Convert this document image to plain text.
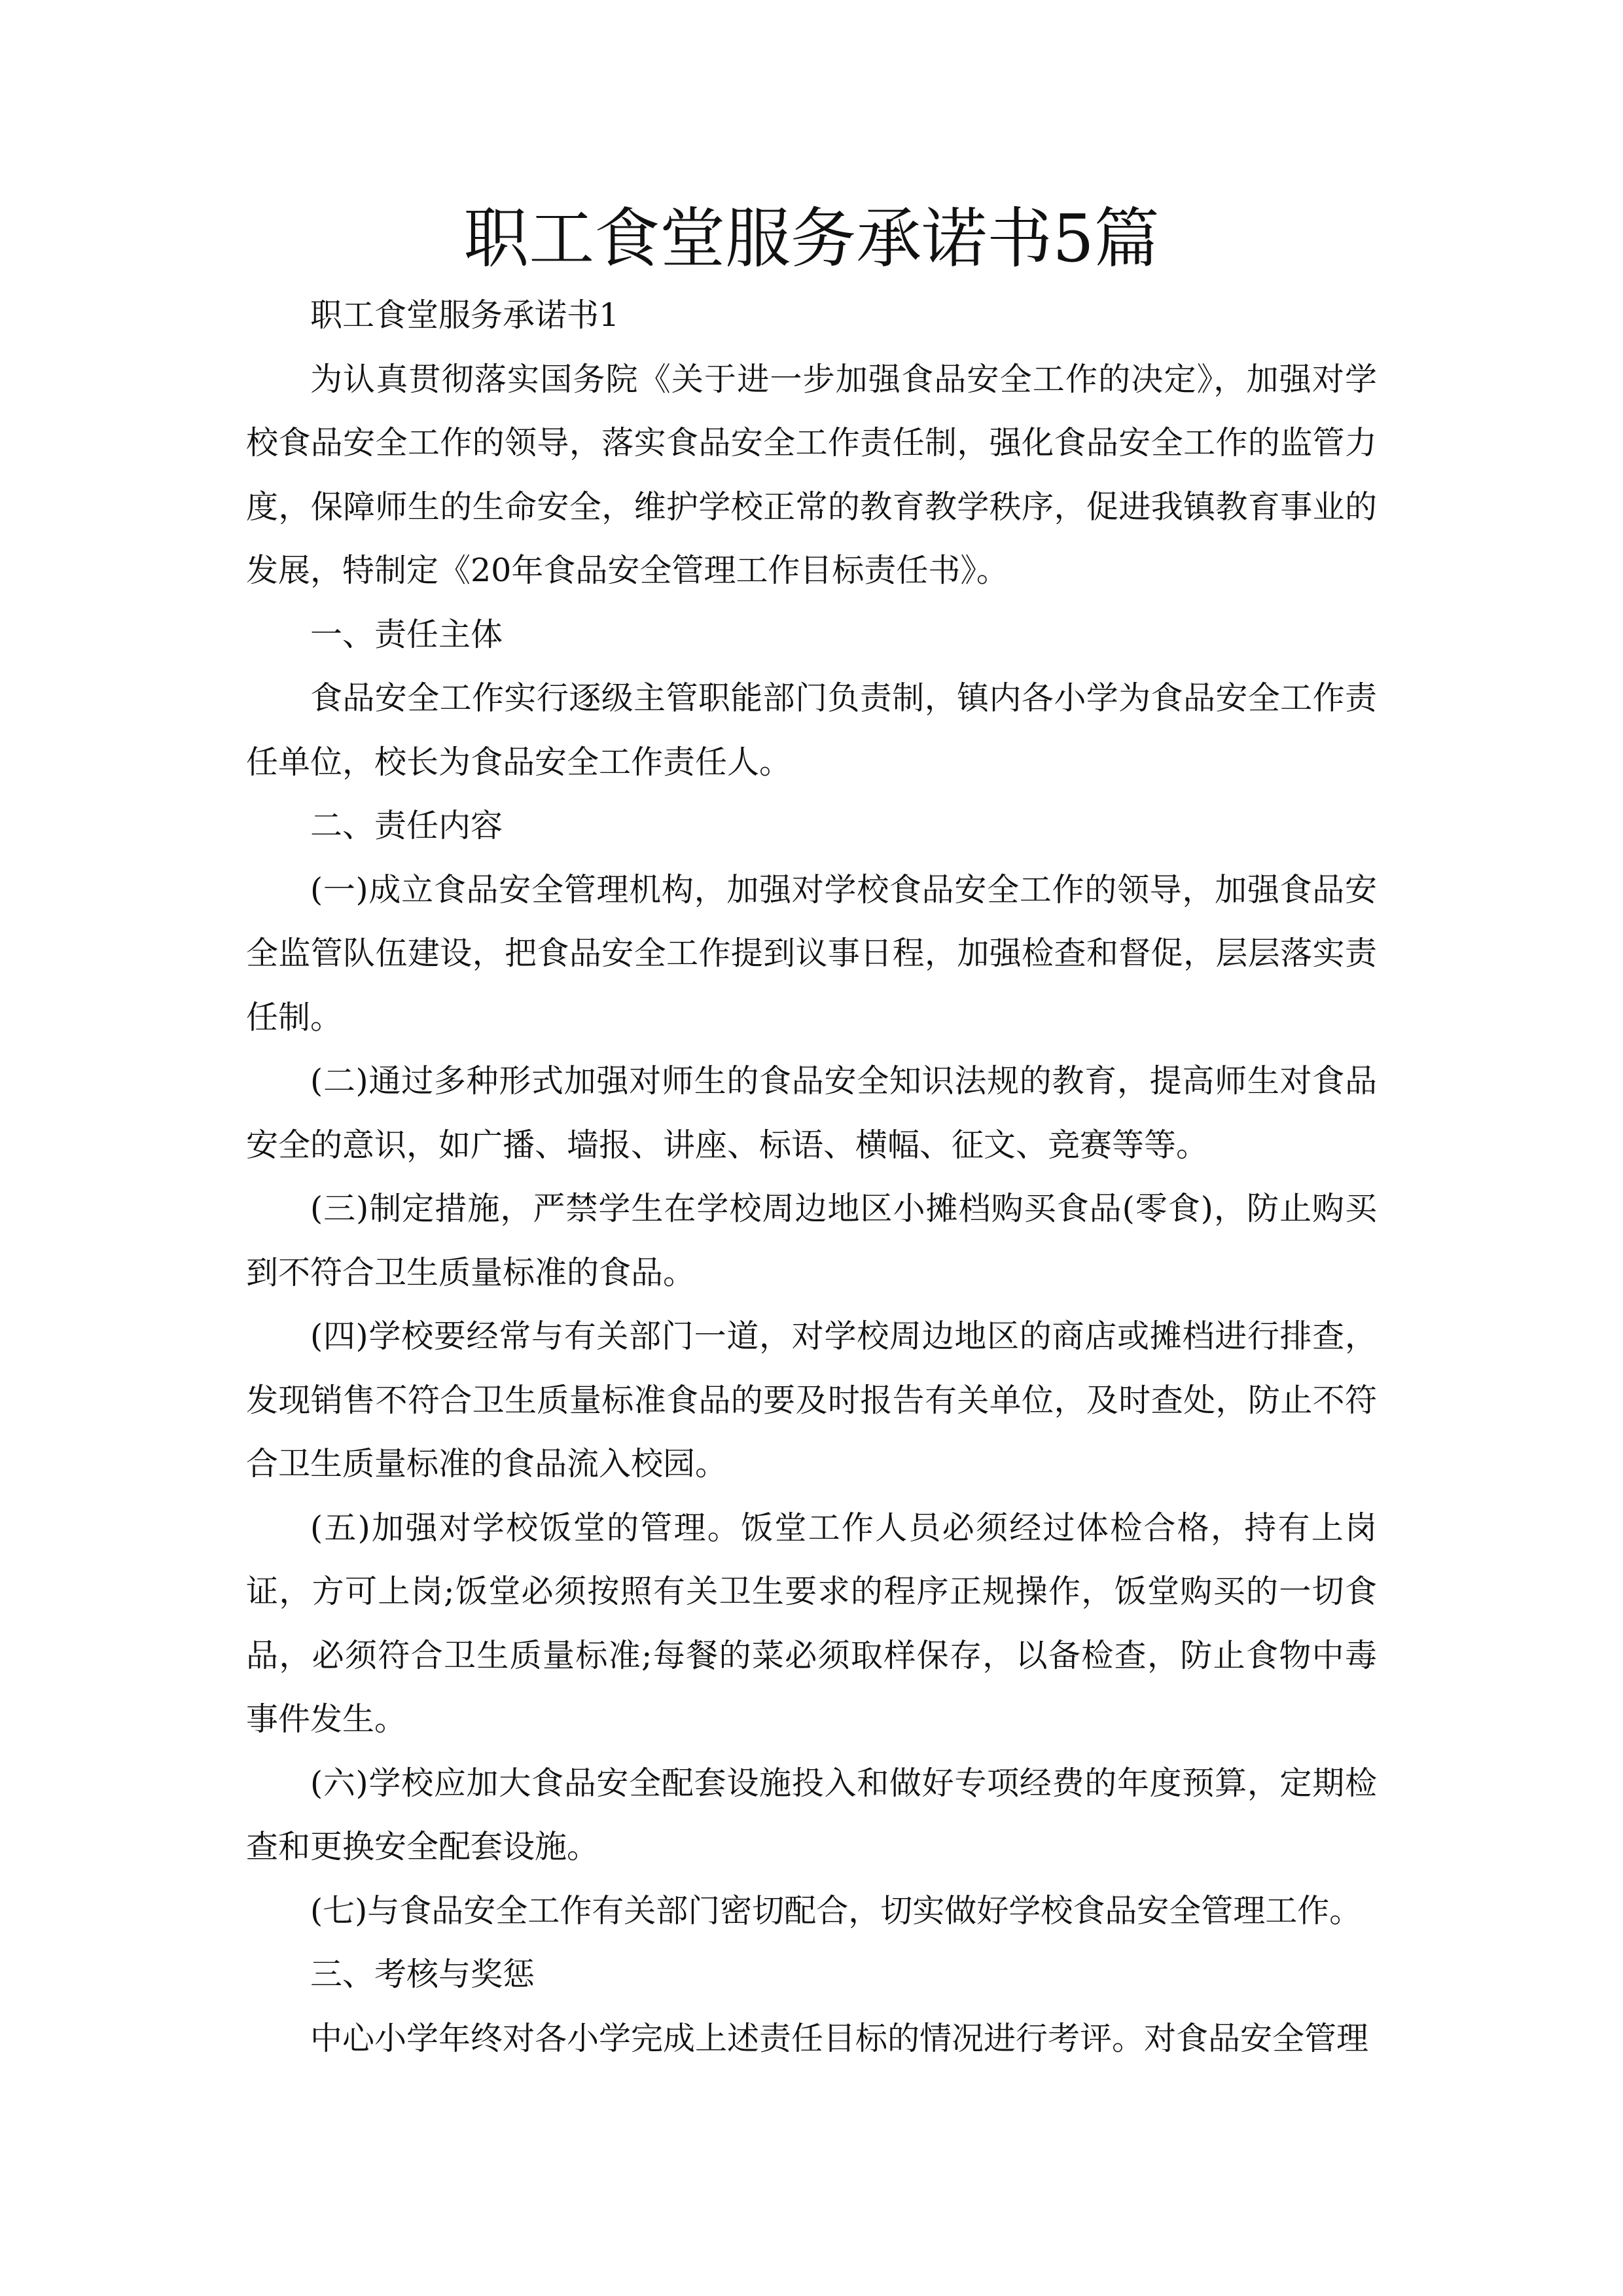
职工食堂服务承诺书5篇

职工食堂服务承诺书1

为认真贯彻落实国务院《关于进一步加强食品安全工作的决定》，加强对学校食品安全工作的领导，落实食品安全工作责任制，强化食品安全工作的监管力度，保障师生的生命安全，维护学校正常的教育教学秩序，促进我镇教育事业的发展，特制定《20年食品安全管理工作目标责任书》。

一、责任主体

食品安全工作实行逐级主管职能部门负责制，镇内各小学为食品安全工作责任单位，校长为食品安全工作责任人。

二、责任内容

(一)成立食品安全管理机构，加强对学校食品安全工作的领导，加强食品安全监管队伍建设，把食品安全工作提到议事日程，加强检查和督促，层层落实责任制。

(二)通过多种形式加强对师生的食品安全知识法规的教育，提高师生对食品安全的意识，如广播、墙报、讲座、标语、横幅、征文、竞赛等等。

(三)制定措施，严禁学生在学校周边地区小摊档购买食品(零食)，防止购买到不符合卫生质量标准的食品。

(四)学校要经常与有关部门一道，对学校周边地区的商店或摊档进行排查，发现销售不符合卫生质量标准食品的要及时报告有关单位，及时查处，防止不符合卫生质量标准的食品流入校园。

(五)加强对学校饭堂的管理。饭堂工作人员必须经过体检合格，持有上岗证，方可上岗;饭堂必须按照有关卫生要求的程序正规操作，饭堂购买的一切食品，必须符合卫生质量标准;每餐的菜必须取样保存，以备检查，防止食物中毒事件发生。

(六)学校应加大食品安全配套设施投入和做好专项经费的年度预算，定期检查和更换安全配套设施。

(七)与食品安全工作有关部门密切配合，切实做好学校食品安全管理工作。

三、考核与奖惩

中心小学年终对各小学完成上述责任目标的情况进行考评。对食品安全管理
